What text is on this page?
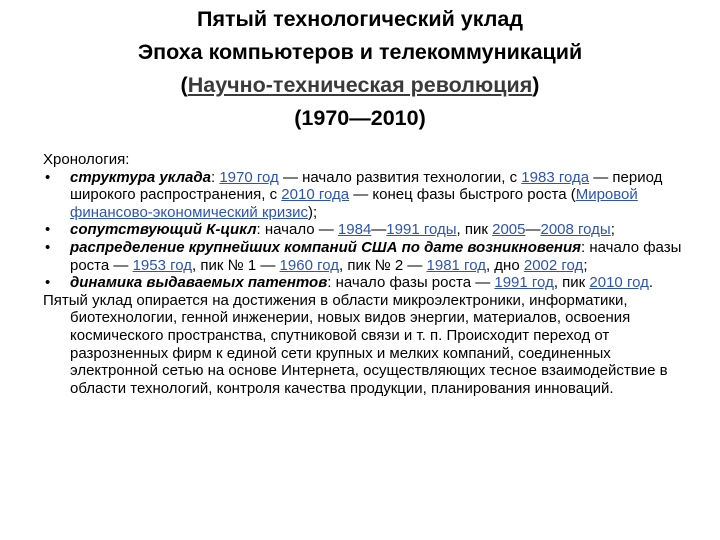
Пятый технологический уклад
Эпоха компьютеров и телекоммуникаций
(Научно-техническая революция)
(1970—2010)

Хронология:

• структура уклада: 1970 год — начало развития технологии, с 1983 года — период широкого распространения, с 2010 года — конец фазы быстрого роста (Мировой финансово-экономический кризис);

• сопутствующий К-цикл: начало — 1984—1991 годы, пик 2005—2008 годы;

• распределение крупнейших компаний США по дате возникновения: начало фазы роста — 1953 год, пик № 1 — 1960 год, пик № 2 — 1981 год, дно 2002 год;

• динамика выдаваемых патентов: начало фазы роста — 1991 год, пик 2010 год.

Пятый уклад опирается на достижения в области микроэлектроники, информатики, биотехнологии, генной инженерии, новых видов энергии, материалов, освоения космического пространства, спутниковой связи и т. п. Происходит переход от разрозненных фирм к единой сети крупных и мелких компаний, соединенных электронной сетью на основе Интернета, осуществляющих тесное взаимодействие в области технологий, контроля качества продукции, планирования инноваций.
